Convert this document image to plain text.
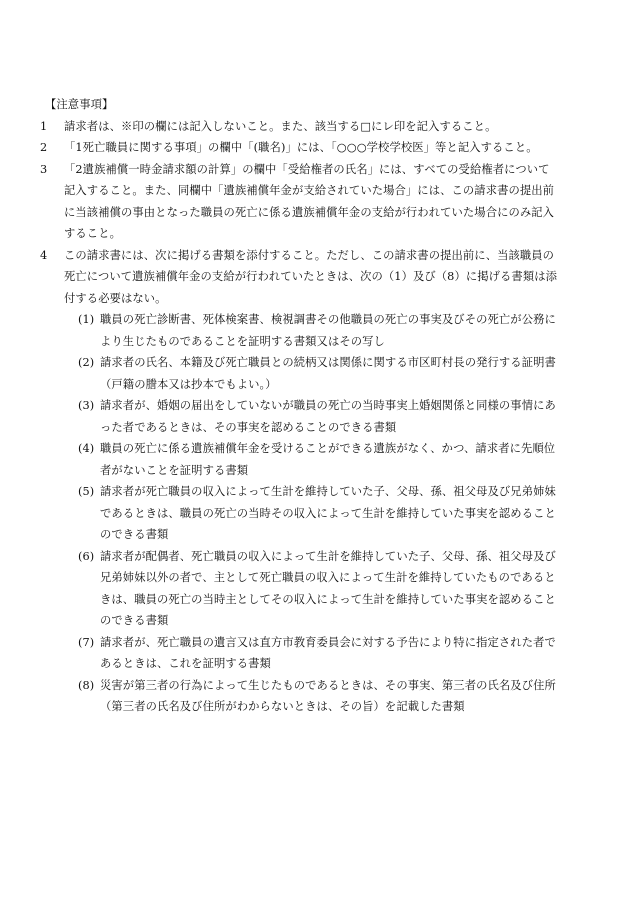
【注意事項】
1	請求者は、※印の欄には記入しないこと。また、該当する□にレ印を記入すること。
2	「1死亡職員に関する事項」の欄中「(職名)」には、「○○○学校学校医」等と記入すること。
3	「2遺族補償一時金請求額の計算」の欄中「受給権者の氏名」には、すべての受給権者について記入すること。また、同欄中「遺族補償年金が支給されていた場合」には、この請求書の提出前に当該補償の事由となった職員の死亡に係る遺族補償年金の支給が行われていた場合にのみ記入すること。
4	この請求書には、次に掲げる書類を添付すること。ただし、この請求書の提出前に、当該職員の死亡について遺族補償年金の支給が行われていたときは、次の（1）及び（8）に掲げる書類は添付する必要はない。
(1) 職員の死亡診断書、死体検案書、検視調書その他職員の死亡の事実及びその死亡が公務により生じたものであることを証明する書類又はその写し
(2) 請求者の氏名、本籍及び死亡職員との続柄又は関係に関する市区町村長の発行する証明書（戸籍の謄本又は抄本でもよい。）
(3) 請求者が、婚姻の届出をしていないが職員の死亡の当時事実上婚姻関係と同様の事情にあった者であるときは、その事実を認めることのできる書類
(4) 職員の死亡に係る遺族補償年金を受けることができる遺族がなく、かつ、請求者に先順位者がないことを証明する書類
(5) 請求者が死亡職員の収入によって生計を維持していた子、父母、孫、祖父母及び兄弟姉妹であるときは、職員の死亡の当時その収入によって生計を維持していた事実を認めることのできる書類
(6) 請求者が配偶者、死亡職員の収入によって生計を維持していた子、父母、孫、祖父母及び兄弟姉妹以外の者で、主として死亡職員の収入によって生計を維持していたものであるときは、職員の死亡の当時主としてその収入によって生計を維持していた事実を認めることのできる書類
(7) 請求者が、死亡職員の遺言又は直方市教育委員会に対する予告により特に指定された者であるときは、これを証明する書類
(8) 災害が第三者の行為によって生じたものであるときは、その事実、第三者の氏名及び住所（第三者の氏名及び住所がわからないときは、その旨）を記載した書類
